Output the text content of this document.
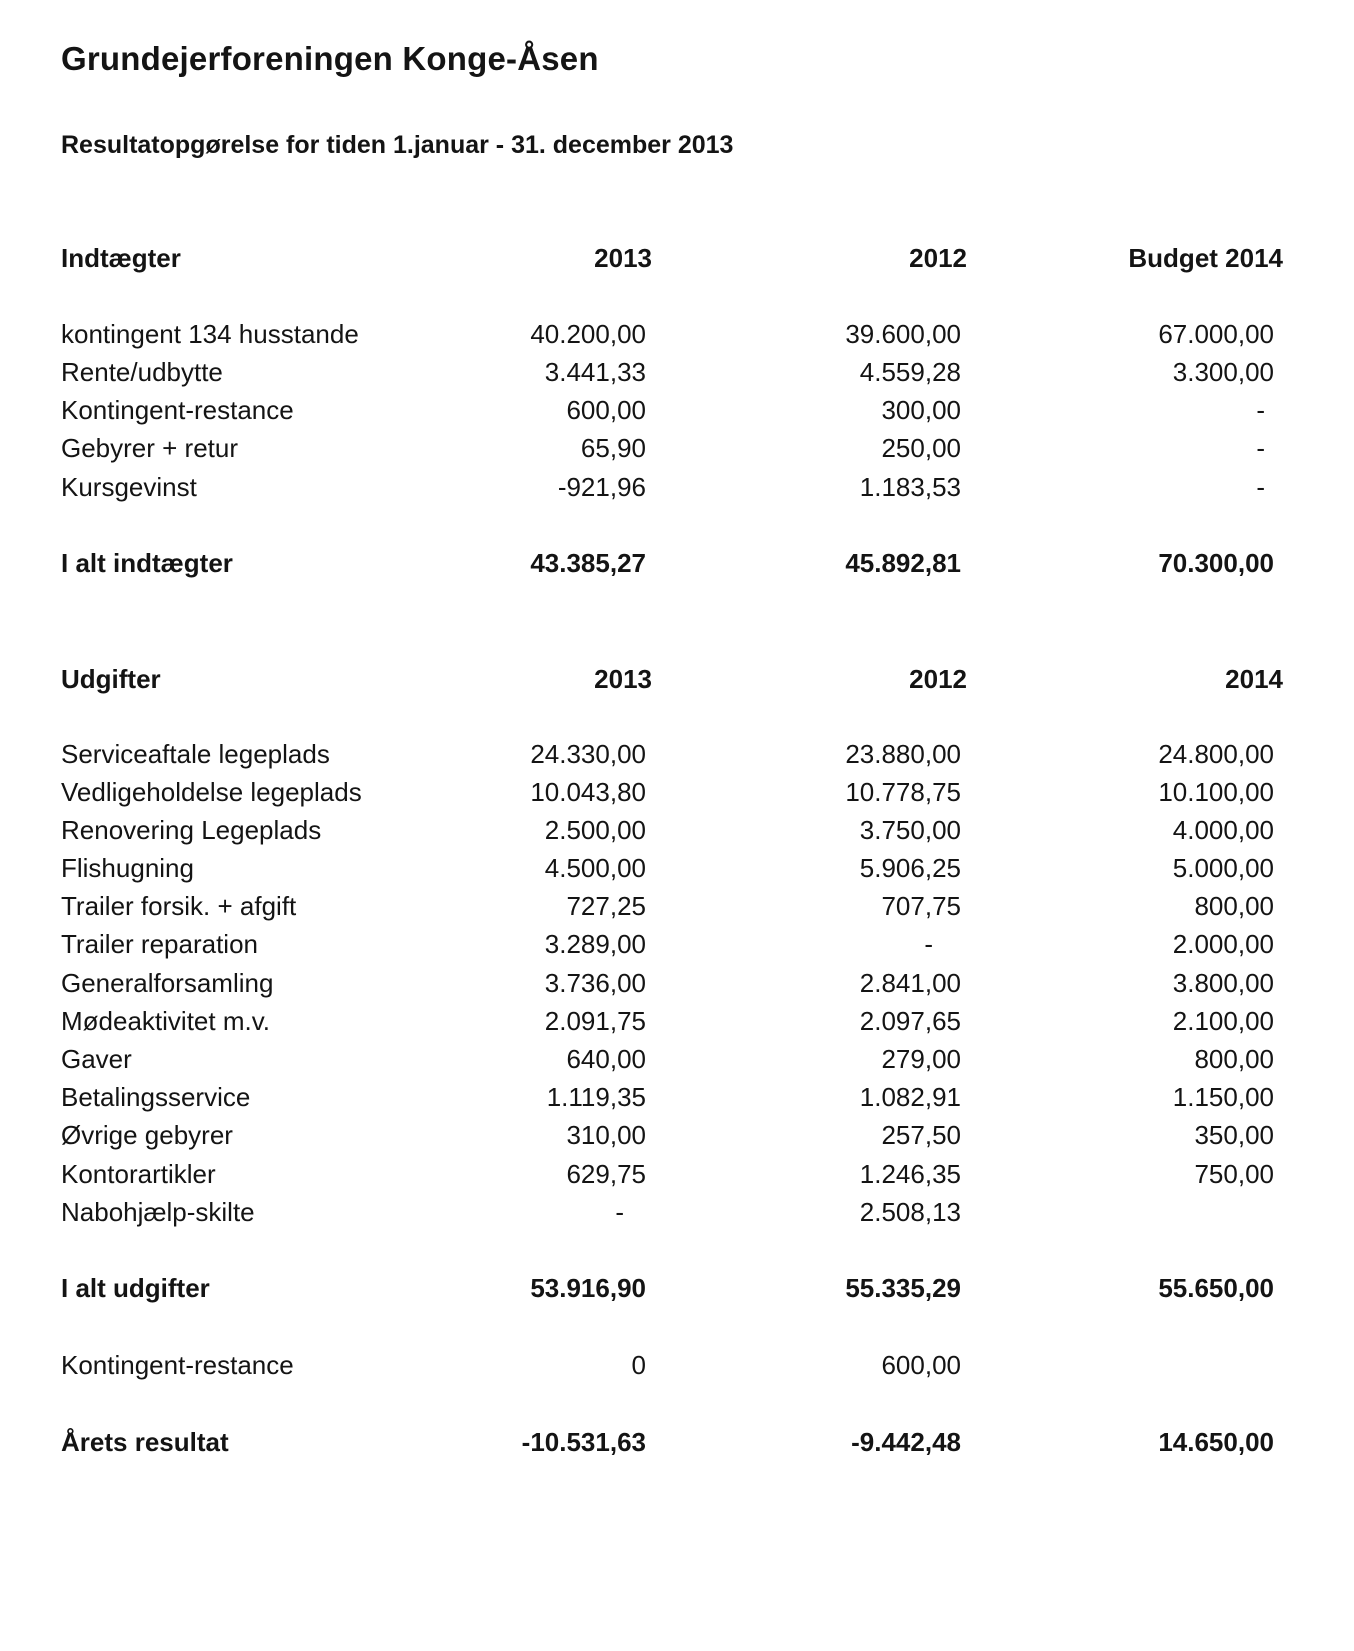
Grundejerforeningen Konge-Åsen
Resultatopgørelse for tiden 1.januar - 31. december 2013
Indtægter	2013	2012	Budget 2014
kontingent 134 husstande	40.200,00	39.600,00	67.000,00
Rente/udbytte	3.441,33	4.559,28	3.300,00
Kontingent-restance	600,00	300,00	-
Gebyrer + retur	65,90	250,00	-
Kursgevinst	-921,96	1.183,53	-
I alt indtægter	43.385,27	45.892,81	70.300,00
Udgifter	2013	2012	2014
Serviceaftale legeplads	24.330,00	23.880,00	24.800,00
Vedligeholdelse legeplads	10.043,80	10.778,75	10.100,00
Renovering Legeplads	2.500,00	3.750,00	4.000,00
Flishugning	4.500,00	5.906,25	5.000,00
Trailer forsik. + afgift	727,25	707,75	800,00
Trailer reparation	3.289,00	-	2.000,00
Generalforsamling	3.736,00	2.841,00	3.800,00
Mødeaktivitet m.v.	2.091,75	2.097,65	2.100,00
Gaver	640,00	279,00	800,00
Betalingsservice	1.119,35	1.082,91	1.150,00
Øvrige gebyrer	310,00	257,50	350,00
Kontorartikler	629,75	1.246,35	750,00
Nabohjælp-skilte	-	2.508,13
I alt udgifter	53.916,90	55.335,29	55.650,00
Kontingent-restance	0	600,00
Årets resultat	-10.531,63	-9.442,48	14.650,00
